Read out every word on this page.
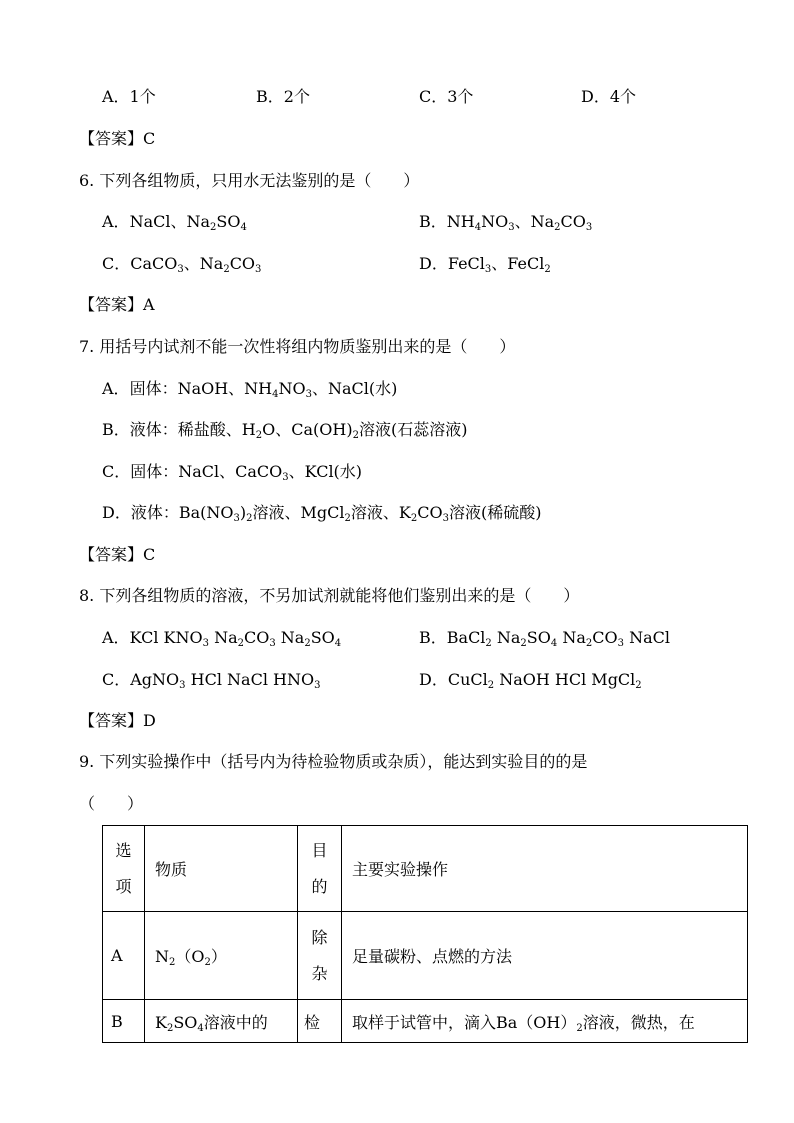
A．1个	B．2个	C．3个	D．4个
【答案】C
6. 下列各组物质，只用水无法鉴别的是（　　）
A．NaCl、$Na_2SO_4$	B．$NH_4NO_3$、$Na_2CO_3$
C．CaCO$_3$、$Na_2CO_3$	D．FeCl$_3$、FeCl$_2$
【答案】A
7. 用括号内试剂不能一次性将组内物质鉴别出来的是（　　）
A．固体：NaOH、$NH_4NO_3$、NaCl(水)
B．液体：稀盐酸、$H_2O$、$Ca(OH)_2$溶液(石蕊溶液)
C．固体：NaCl、CaCO$_3$、KCl(水)
D．液体：$Ba(NO_3)_2$溶液、MgCl$_2$溶液、$K_2CO_3$溶液(稀硫酸)
【答案】C
8. 下列各组物质的溶液，不另加试剂就能将他们鉴别出来的是（　　）
A．KCl $KNO_3$ $Na_2CO_3$ $Na_2SO_4$	B．BaCl$_2$ $Na_2SO_4$ $Na_2CO_3$ NaCl
C．AgNO$_3$ HCl NaCl $HNO_3$	D．CuCl$_2$ NaOH HCl MgCl$_2$
【答案】D
9. 下列实验操作中（括号内为待检验物质或杂质），能达到实验目的的是
（　　）
选项	物质	目的	主要实验操作
A	$N_2(O_2)$	除杂	足量碳粉、点燃的方法
B	$K_2SO_4$溶液中的	检	取样于试管中，滴入$Ba(OH)_2$溶液，微热，在
